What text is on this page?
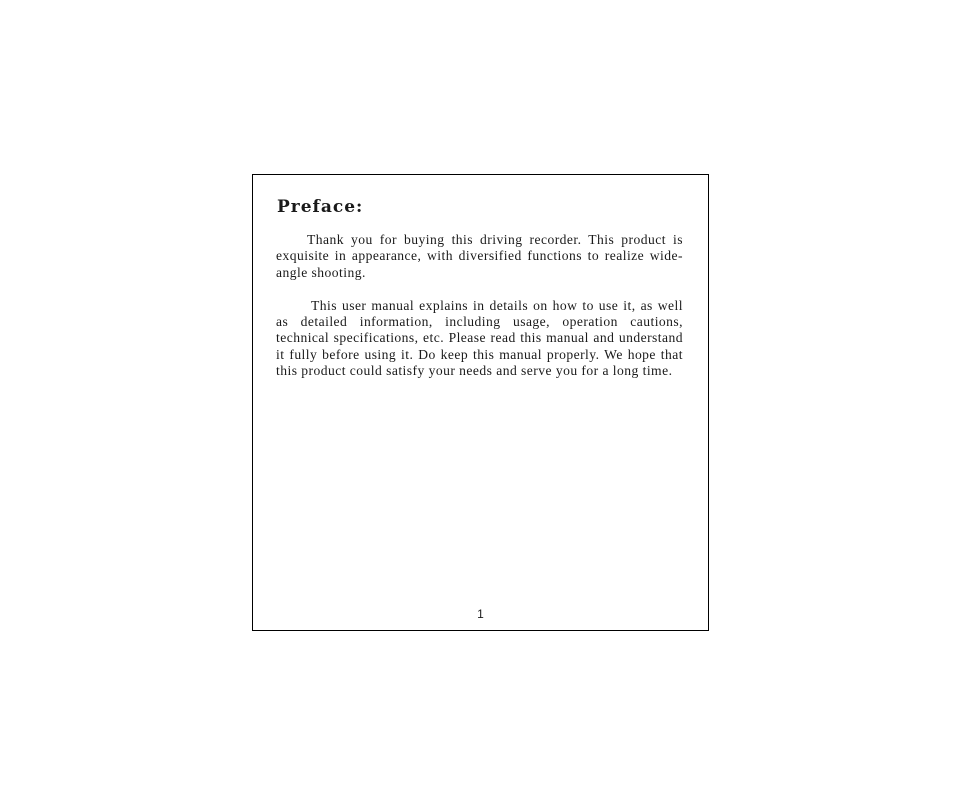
Preface:

Thank you for buying this driving recorder. This product is exquisite in appearance, with diversified functions to realize wide-angle shooting.

This user manual explains in details on how to use it, as well as detailed information, including usage, operation cautions, technical specifications, etc. Please read this manual and understand it fully before using it. Do keep this manual properly. We hope that this product could satisfy your needs and serve you for a long time.

1
